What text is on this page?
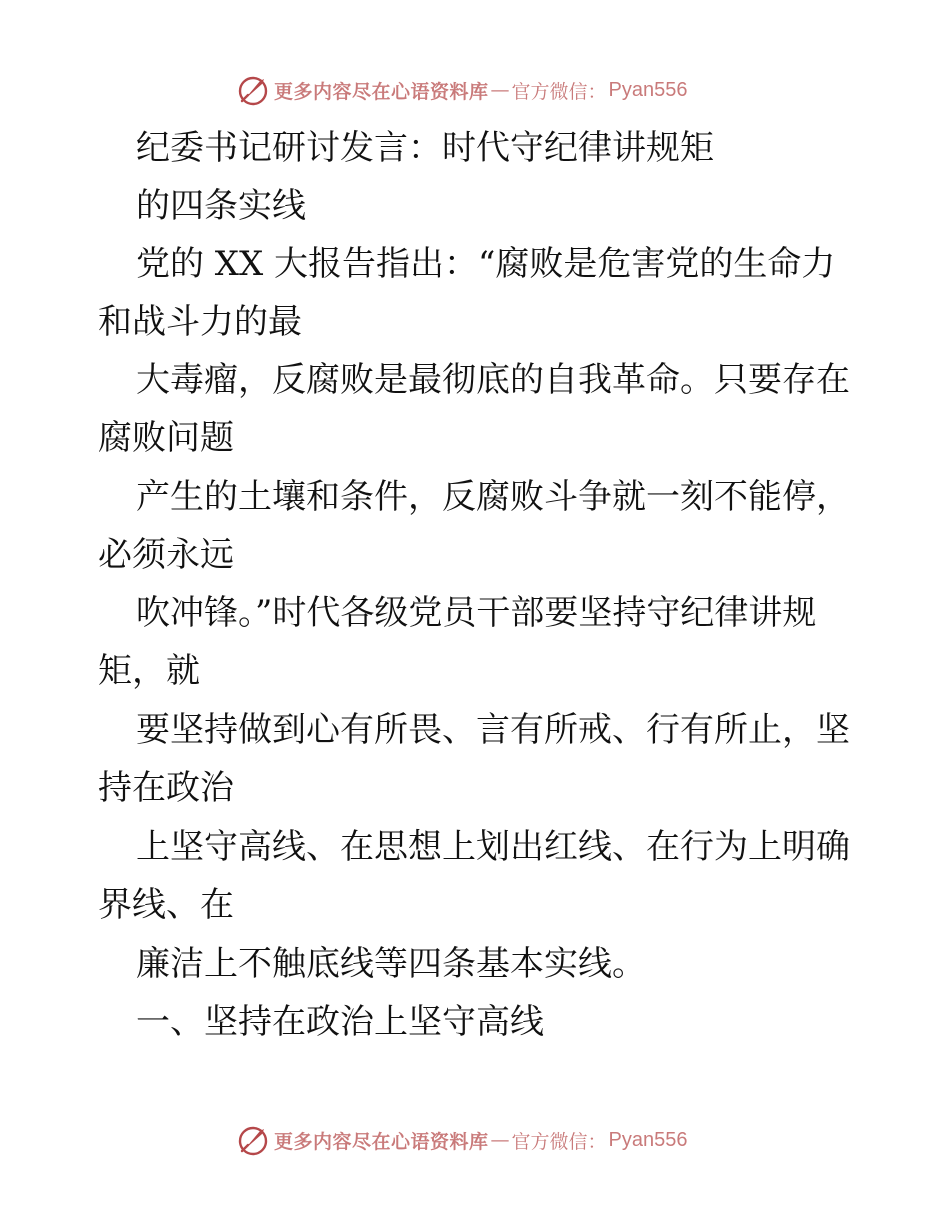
更多内容尽在心语资料库 — 官方微信： Pyan556
纪委书记研讨发言：时代守纪律讲规矩
的四条实线
党的 XX 大报告指出：“腐败是危害党的生命力
和战斗力的最
大毒瘤，反腐败是最彻底的自我革命。只要存在
腐败问题
产生的土壤和条件，反腐败斗争就一刻不能停，
必须永远
吹冲锋。”时代各级党员干部要坚持守纪律讲规
矩，就
要坚持做到心有所畏、言有所戒、行有所止，坚
持在政治
上坚守高线、在思想上划出红线、在行为上明确
界线、在
廉洁上不触底线等四条基本实线。
一、坚持在政治上坚守高线
更多内容尽在心语资料库 — 官方微信： Pyan556
